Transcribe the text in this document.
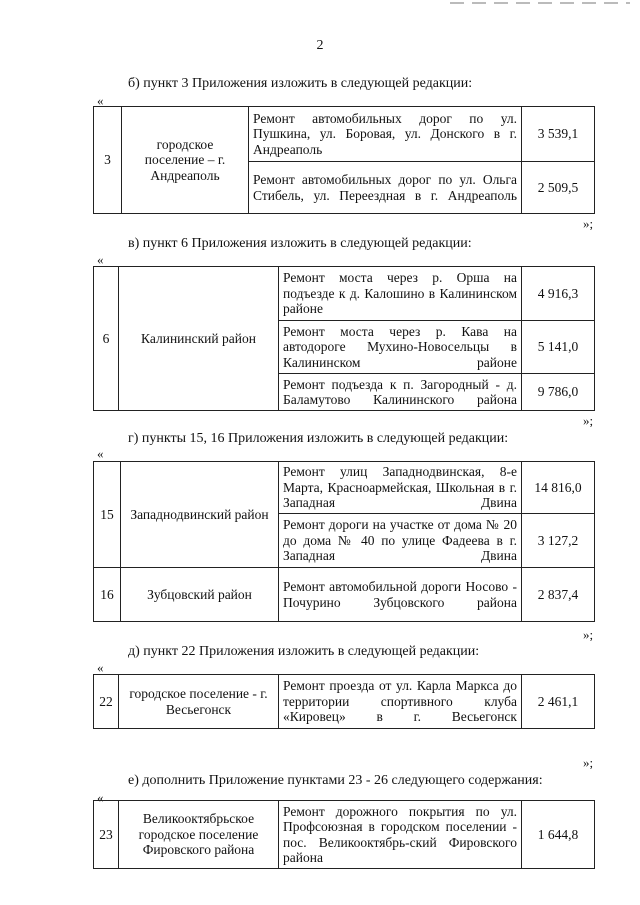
2
б) пункт 3 Приложения изложить в следующей редакции:
«
3	городское поселение – г. Андреаполь	Ремонт автомобильных дорог по ул. Пушкина, ул. Боровая, ул. Донского в г. Андреаполь	3 539,1
		Ремонт автомобильных дорог по ул. Ольга Стибель, ул. Переездная в г. Андреаполь	2 509,5
»;
в) пункт 6 Приложения изложить в следующей редакции:
«
6	Калининский район	Ремонт моста через р. Орша на подъезде к д. Калошино в Калининском районе	4 916,3
		Ремонт моста через р. Кава на автодороге Мухино-Новосельцы в Калининском районе	5 141,0
		Ремонт подъезда к п. Загородный - д. Баламутово Калининского района	9 786,0
»;
г) пункты 15, 16 Приложения изложить в следующей редакции:
«
15	Западнодвинский район	Ремонт улиц Западнодвинская, 8-е Марта, Красноармейская, Школьная в г. Западная Двина	14 816,0
		Ремонт дороги на участке от дома № 20 до дома № 40 по улице Фадеева в г. Западная Двина	3 127,2
16	Зубцовский район	Ремонт автомобильной дороги Носово - Почурино Зубцовского района	2 837,4
»;
д) пункт 22 Приложения изложить в следующей редакции:
«
22	городское поселение - г. Весьегонск	Ремонт проезда от ул. Карла Маркса до территории спортивного клуба «Кировец» в г. Весьегонск	2 461,1
»;
е) дополнить Приложение пунктами 23 - 26 следующего содержания:
«
23	Великооктябрьское городское поселение Фировского района	Ремонт дорожного покрытия по ул. Профсоюзная в городском поселении - пос. Великооктябрь-ский Фировского района	1 644,8
